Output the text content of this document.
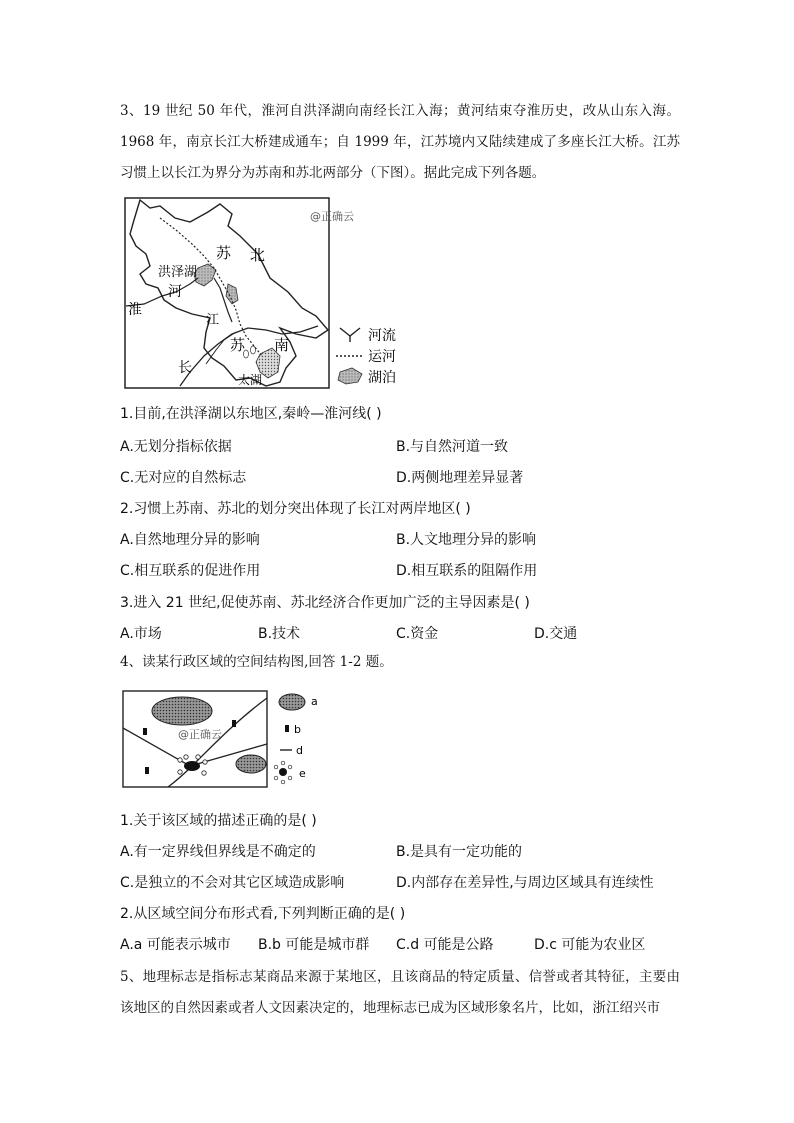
3、19 世纪 50 年代，淮河自洪泽湖向南经长江入海；黄河结束夺淮历史，改从山东入海。1968 年，南京长江大桥建成通车；自 1999 年，江苏境内又陆续建成了多座长江大桥。江苏习惯上以长江为界分为苏南和苏北两部分（下图）。据此完成下列各题。
@正确云
苏 北
洪泽湖
河
淮
江
苏 南
长
太湖
河流
运河
湖泊
1.目前,在洪泽湖以东地区,秦岭—淮河线( )
A.无划分指标依据	B.与自然河道一致
C.无对应的自然标志	D.两侧地理差异显著
2.习惯上苏南、苏北的划分突出体现了长江对两岸地区( )
A.自然地理分异的影响	B.人文地理分异的影响
C.相互联系的促进作用	D.相互联系的阻隔作用
3.进入 21 世纪,促使苏南、苏北经济合作更加广泛的主导因素是( )
A.市场	B.技术	C.资金	D.交通
4、读某行政区域的空间结构图,回答 1-2 题。
@正确云
a
b
d
e
1.关于该区域的描述正确的是( )
A.有一定界线但界线是不确定的	B.是具有一定功能的
C.是独立的不会对其它区域造成影响	D.内部存在差异性,与周边区域具有连续性
2.从区域空间分布形式看,下列判断正确的是( )
A.a 可能表示城市 B.b 可能是城市群 C.d 可能是公路	D.c 可能为农业区
5、地理标志是指标志某商品来源于某地区，且该商品的特定质量、信誉或者其特征，主要由该地区的自然因素或者人文因素决定的，地理标志已成为区域形象名片，比如，浙江绍兴市
